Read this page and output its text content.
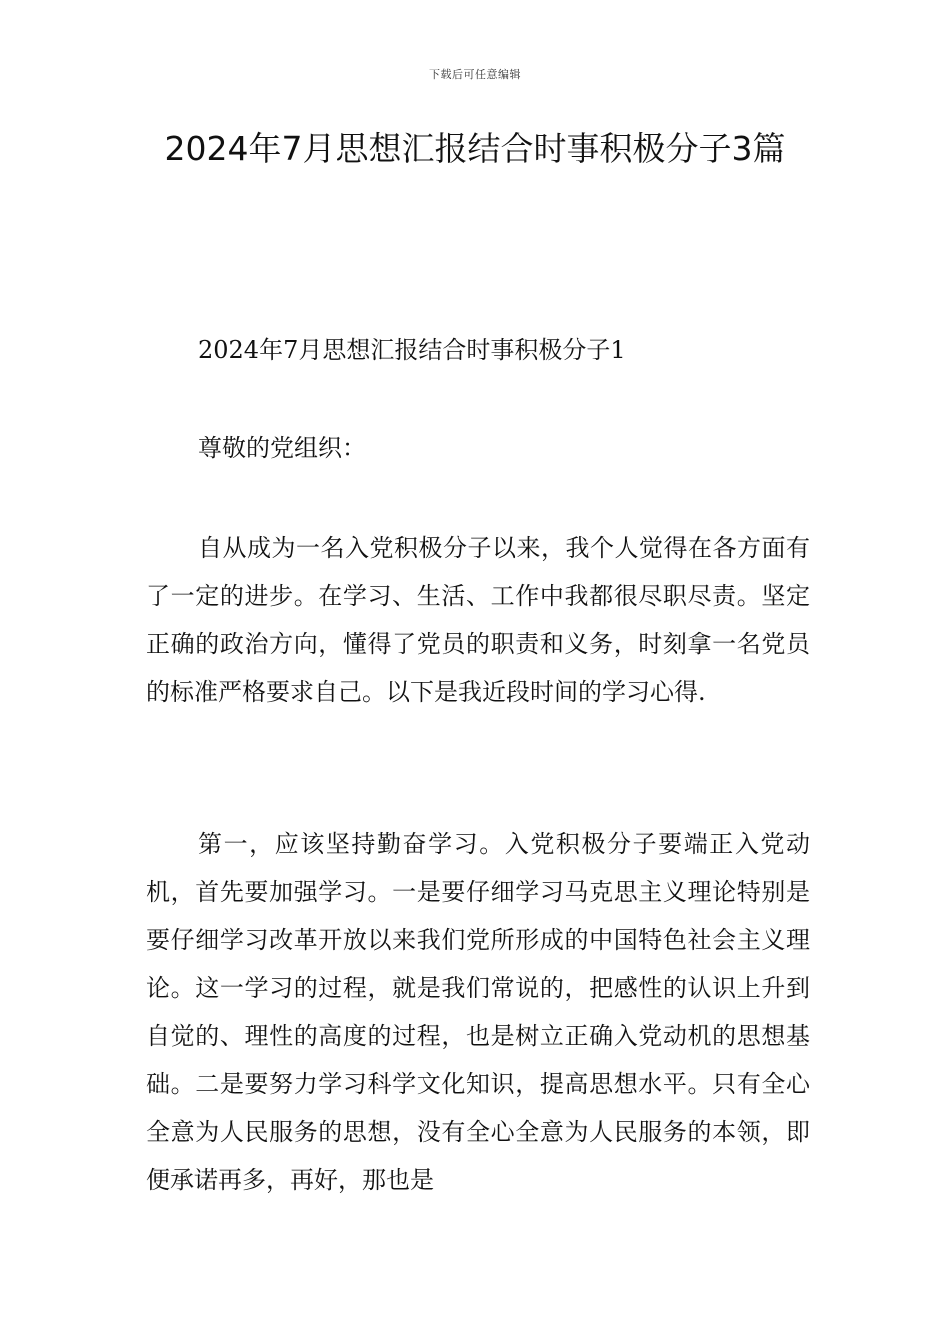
下载后可任意编辑
2024年7月思想汇报结合时事积极分子3篇

2024年7月思想汇报结合时事积极分子1

尊敬的党组织：

自从成为一名入党积极分子以来，我个人觉得在各方面有了一定的进步。在学习、生活、工作中我都很尽职尽责。坚定正确的政治方向，懂得了党员的职责和义务，时刻拿一名党员的标准严格要求自己。以下是我近段时间的学习心得.

第一，应该坚持勤奋学习。入党积极分子要端正入党动机，首先要加强学习。一是要仔细学习马克思主义理论特别是要仔细学习改革开放以来我们党所形成的中国特色社会主义理论。这一学习的过程，就是我们常说的，把感性的认识上升到自觉的、理性的高度的过程，也是树立正确入党动机的思想基础。二是要努力学习科学文化知识，提高思想水平。只有全心全意为人民服务的思想，没有全心全意为人民服务的本领，即便承诺再多，再好，那也是
